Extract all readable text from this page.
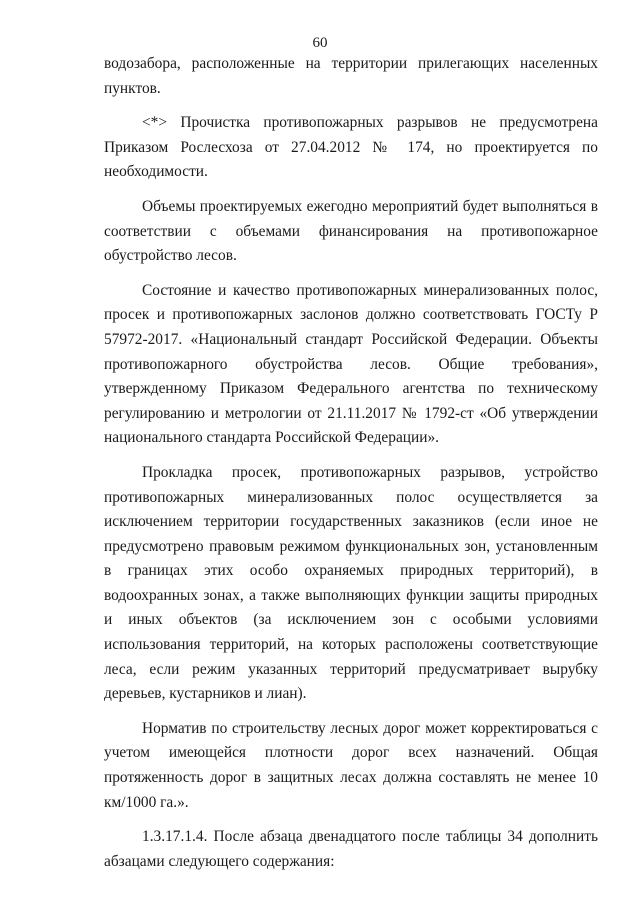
60

водозабора, расположенные на территории прилегающих населенных пунктов.

<*> Прочистка противопожарных разрывов не предусмотрена Приказом Рослесхоза от 27.04.2012 № 174, но проектируется по необходимости.

Объемы проектируемых ежегодно мероприятий будет выполняться в соответствии с объемами финансирования на противопожарное обустройство лесов.

Состояние и качество противопожарных минерализованных полос, просек и противопожарных заслонов должно соответствовать ГОСТу Р 57972-2017. «Национальный стандарт Российской Федерации. Объекты противопожарного обустройства лесов. Общие требования», утвержденному Приказом Федерального агентства по техническому регулированию и метрологии от 21.11.2017 № 1792-ст «Об утверждении национального стандарта Российской Федерации».

Прокладка просек, противопожарных разрывов, устройство противопожарных минерализованных полос осуществляется за исключением территории государственных заказников (если иное не предусмотрено правовым режимом функциональных зон, установленным в границах этих особо охраняемых природных территорий), в водоохранных зонах, а также выполняющих функции защиты природных и иных объектов (за исключением зон с особыми условиями использования территорий, на которых расположены соответствующие леса, если режим указанных территорий предусматривает вырубку деревьев, кустарников и лиан).

Норматив по строительству лесных дорог может корректироваться с учетом имеющейся плотности дорог всех назначений. Общая протяженность дорог в защитных лесах должна составлять не менее 10 км/1000 га.».

1.3.17.1.4. После абзаца двенадцатого после таблицы 34 дополнить абзацами следующего содержания:
